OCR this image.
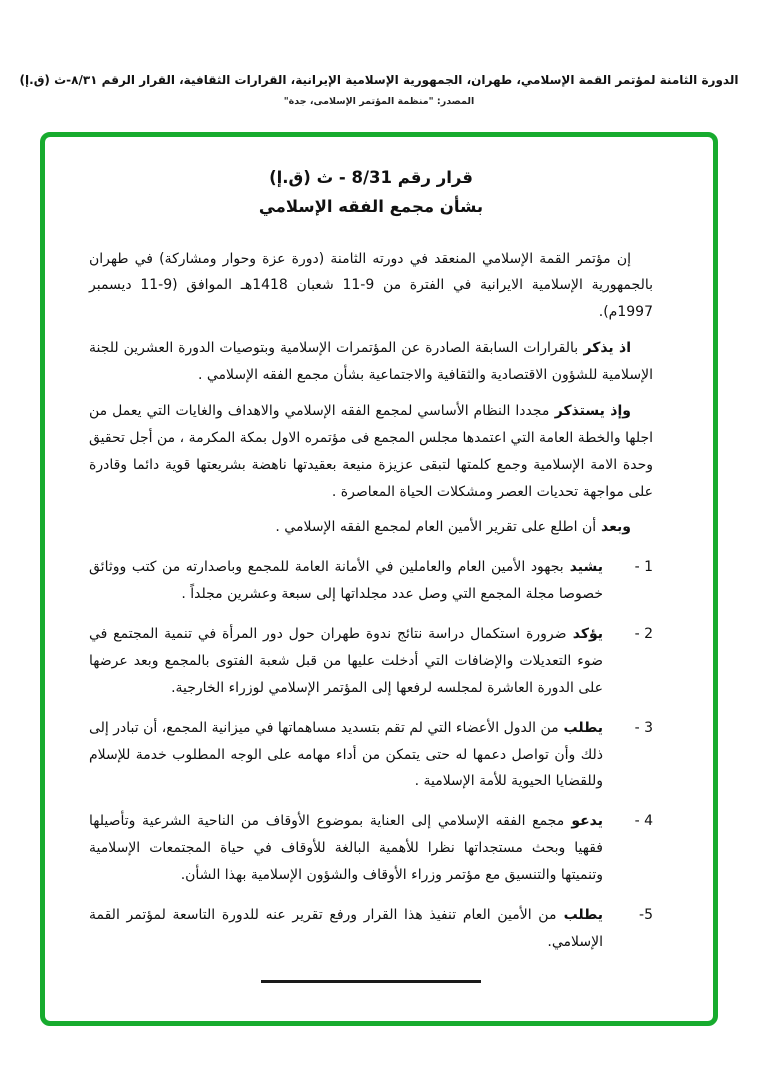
الدورة الثامنة لمؤتمر القمة الإسلامي، طهران، الجمهورية الإسلامية الإيرانية، القرارات الثقافية، القرار الرقم ٨/٣١-ث (ق.إ)
المصدر: "منظمة المؤتمر الإسلامى، جدة"
قرار رقم 8/31 - ث (ق.إ)
بشأن مجمع الفقه الإسلامي
إن مؤتمر القمة الإسلامي المنعقد في دورته الثامنة (دورة عزة وحوار ومشاركة) في طهران بالجمهورية الإسلامية الايرانية في الفترة من 9-11 شعبان 1418هـ الموافق (9-11 ديسمبر 1997م).
اذ يذكر بالقرارات السابقة الصادرة عن المؤتمرات الإسلامية وبتوصيات الدورة العشرين للجنة الإسلامية للشؤون الاقتصادية والثقافية والاجتماعية بشأن مجمع الفقه الإسلامي .
وإذ يستذكر مجددا النظام الأساسي لمجمع الفقه الإسلامي والاهداف والغايات التي يعمل من اجلها والخطة العامة التي اعتمدها مجلس المجمع فى مؤتمره الاول بمكة المكرمة ، من أجل تحقيق وحدة الامة الإسلامية وجمع كلمتها لتبقى عزيزة منيعة بعقيدتها ناهضة بشريعتها قوية دائما وقادرة على مواجهة تحديات العصر ومشكلات الحياة المعاصرة .
وبعد أن اطلع على تقرير الأمين العام لمجمع الفقه الإسلامي .
1 -
يشيد بجهود الأمين العام والعاملين في الأمانة العامة للمجمع وباصدارته من كتب ووثائق خصوصا مجلة المجمع التي وصل عدد مجلداتها إلى سبعة وعشرين مجلداً .
2 -
يؤكد ضرورة استكمال دراسة نتائج ندوة طهران حول دور المرأة في تنمية المجتمع في ضوء التعديلات والإضافات التي أدخلت عليها من قبل شعبة الفتوى بالمجمع وبعد عرضها على الدورة العاشرة لمجلسه لرفعها إلى المؤتمر الإسلامي لوزراء الخارجية.
3 -
يطلب من الدول الأعضاء التي لم تقم بتسديد مساهماتها في ميزانية المجمع، أن تبادر إلى ذلك وأن تواصل دعمها له حتى يتمكن من أداء مهامه على الوجه المطلوب خدمة للإسلام وللقضايا الحيوية للأمة الإسلامية .
4 -
يدعو مجمع الفقه الإسلامي إلى العناية بموضوع الأوقاف من الناحية الشرعية وتأصيلها فقهيا وبحث مستجداتها نظرا للأهمية البالغة للأوقاف في حياة المجتمعات الإسلامية وتنميتها والتنسيق مع مؤتمر وزراء الأوقاف والشؤون الإسلامية بهذا الشأن.
5-
يطلب من الأمين العام تنفيذ هذا القرار ورفع تقرير عنه للدورة التاسعة لمؤتمر القمة الإسلامي.
